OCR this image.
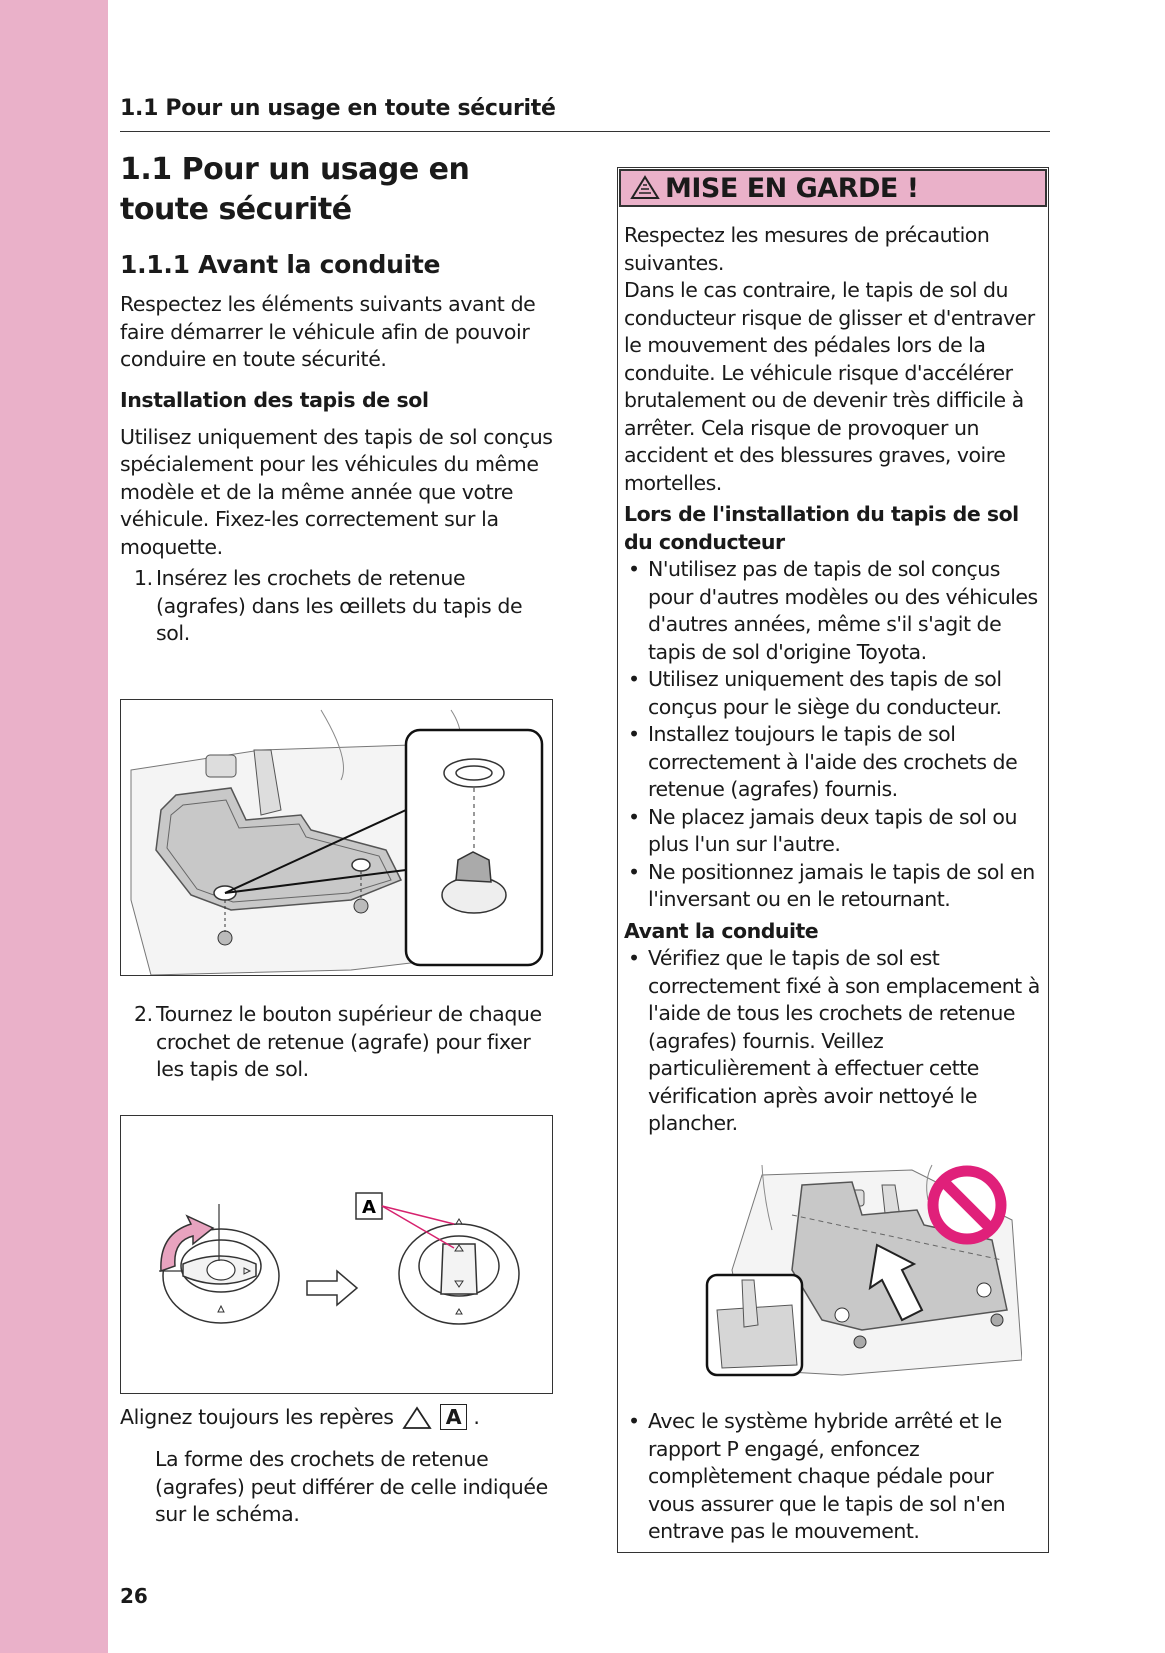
1.1 Pour un usage en toute sécurité
1.1 Pour un usage en toute sécurité
1.1.1 Avant la conduite

Respectez les éléments suivants avant de faire démarrer le véhicule afin de pouvoir conduire en toute sécurité.

Installation des tapis de sol

Utilisez uniquement des tapis de sol conçus spécialement pour les véhicules du même modèle et de la même année que votre véhicule. Fixez-les correctement sur la moquette.

1. Insérez les crochets de retenue (agrafes) dans les œillets du tapis de sol.
2. Tournez le bouton supérieur de chaque crochet de retenue (agrafe) pour fixer les tapis de sol.
A
Alignez toujours les repères	A .
La forme des crochets de retenue (agrafes) peut différer de celle indiquée sur le schéma.
26
MISE EN GARDE !

Respectez les mesures de précaution suivantes.

Dans le cas contraire, le tapis de sol du conducteur risque de glisser et d'entraver le mouvement des pédales lors de la conduite. Le véhicule risque d'accélérer brutalement ou de devenir très difficile à arrêter. Cela risque de provoquer un accident et des blessures graves, voire mortelles.

Lors de l'installation du tapis de sol du conducteur
• N'utilisez pas de tapis de sol conçus pour d'autres modèles ou des véhicules d'autres années, même s'il s'agit de tapis de sol d'origine Toyota.
• Utilisez uniquement des tapis de sol conçus pour le siège du conducteur.
• Installez toujours le tapis de sol correctement à l'aide des crochets de retenue (agrafes) fournis.
• Ne placez jamais deux tapis de sol ou plus l'un sur l'autre.
• Ne positionnez jamais le tapis de sol en l'inversant ou en le retournant.
Avant la conduite
• Vérifiez que le tapis de sol est correctement fixé à son emplacement à l'aide de tous les crochets de retenue (agrafes) fournis. Veillez particulièrement à effectuer cette vérification après avoir nettoyé le plancher.
• Avec le système hybride arrêté et le rapport P engagé, enfoncez complètement chaque pédale pour vous assurer que le tapis de sol n'en entrave pas le mouvement.
